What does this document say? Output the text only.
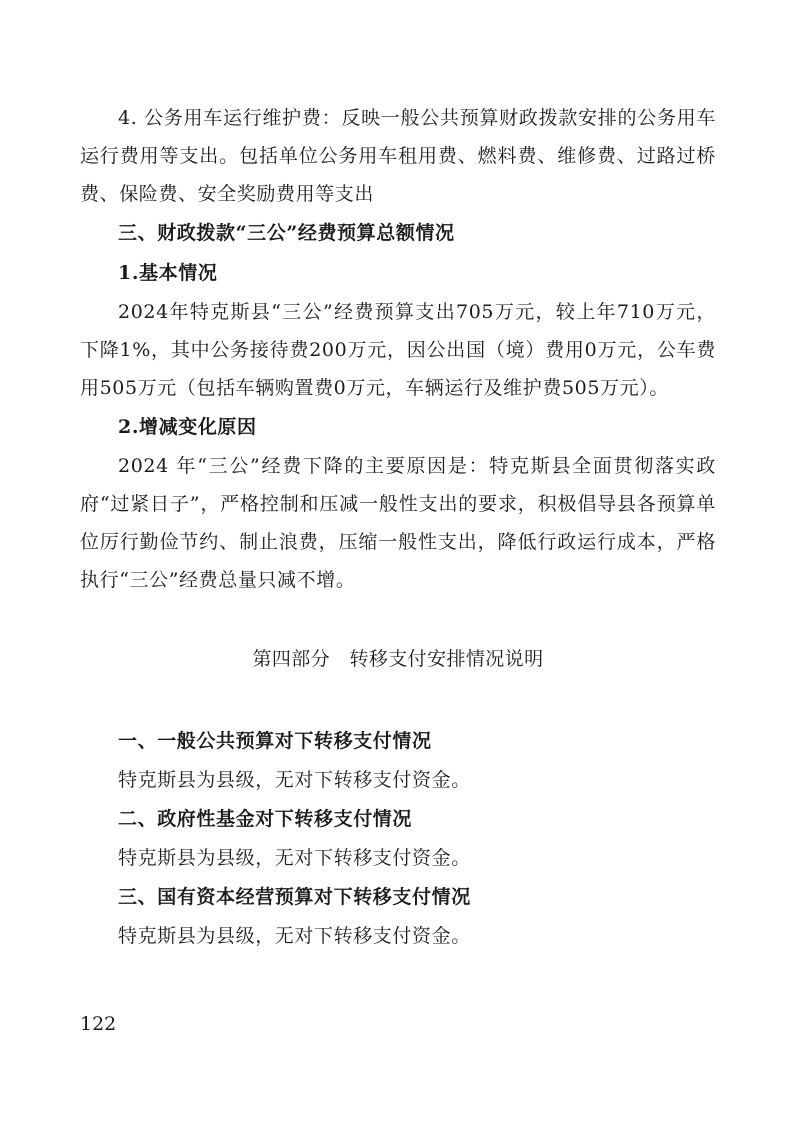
4. 公务用车运行维护费：反映一般公共预算财政拨款安排的公务用车运行费用等支出。包括单位公务用车租用费、燃料费、维修费、过路过桥费、保险费、安全奖励费用等支出

三、财政拨款“三公”经费预算总额情况

1.基本情况

2024年特克斯县“三公”经费预算支出705万元，较上年710万元，下降1%，其中公务接待费200万元，因公出国（境）费用0万元，公车费用505万元（包括车辆购置费0万元，车辆运行及维护费505万元）。

2.增减变化原因

2024 年“三公”经费下降的主要原因是：特克斯县全面贯彻落实政府“过紧日子”，严格控制和压减一般性支出的要求，积极倡导县各预算单位厉行勤俭节约、制止浪费，压缩一般性支出，降低行政运行成本，严格执行“三公”经费总量只减不增。

第四部分　转移支付安排情况说明

一、一般公共预算对下转移支付情况

特克斯县为县级，无对下转移支付资金。

二、政府性基金对下转移支付情况

特克斯县为县级，无对下转移支付资金。

三、国有资本经营预算对下转移支付情况

特克斯县为县级，无对下转移支付资金。

122
